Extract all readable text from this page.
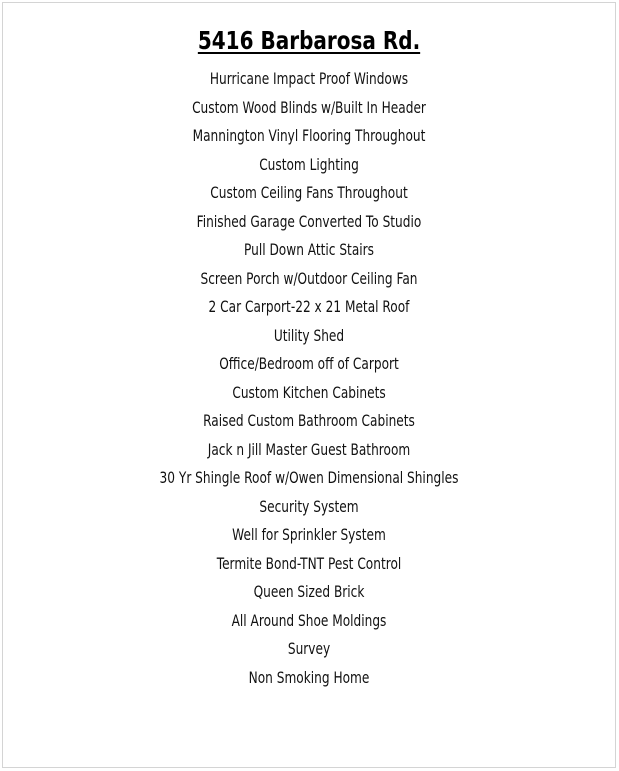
5416 Barbarosa Rd.
Hurricane Impact Proof Windows
Custom Wood Blinds w/Built In Header
Mannington Vinyl Flooring Throughout
Custom Lighting
Custom Ceiling Fans Throughout
Finished Garage Converted To Studio
Pull Down Attic Stairs
Screen Porch w/Outdoor Ceiling Fan
2 Car Carport-22 x 21 Metal Roof
Utility Shed
Office/Bedroom off of Carport
Custom Kitchen Cabinets
Raised Custom Bathroom Cabinets
Jack n Jill Master Guest Bathroom
30 Yr Shingle Roof w/Owen Dimensional Shingles
Security System
Well for Sprinkler System
Termite Bond-TNT Pest Control
Queen Sized Brick
All Around Shoe Moldings
Survey
Non Smoking Home
